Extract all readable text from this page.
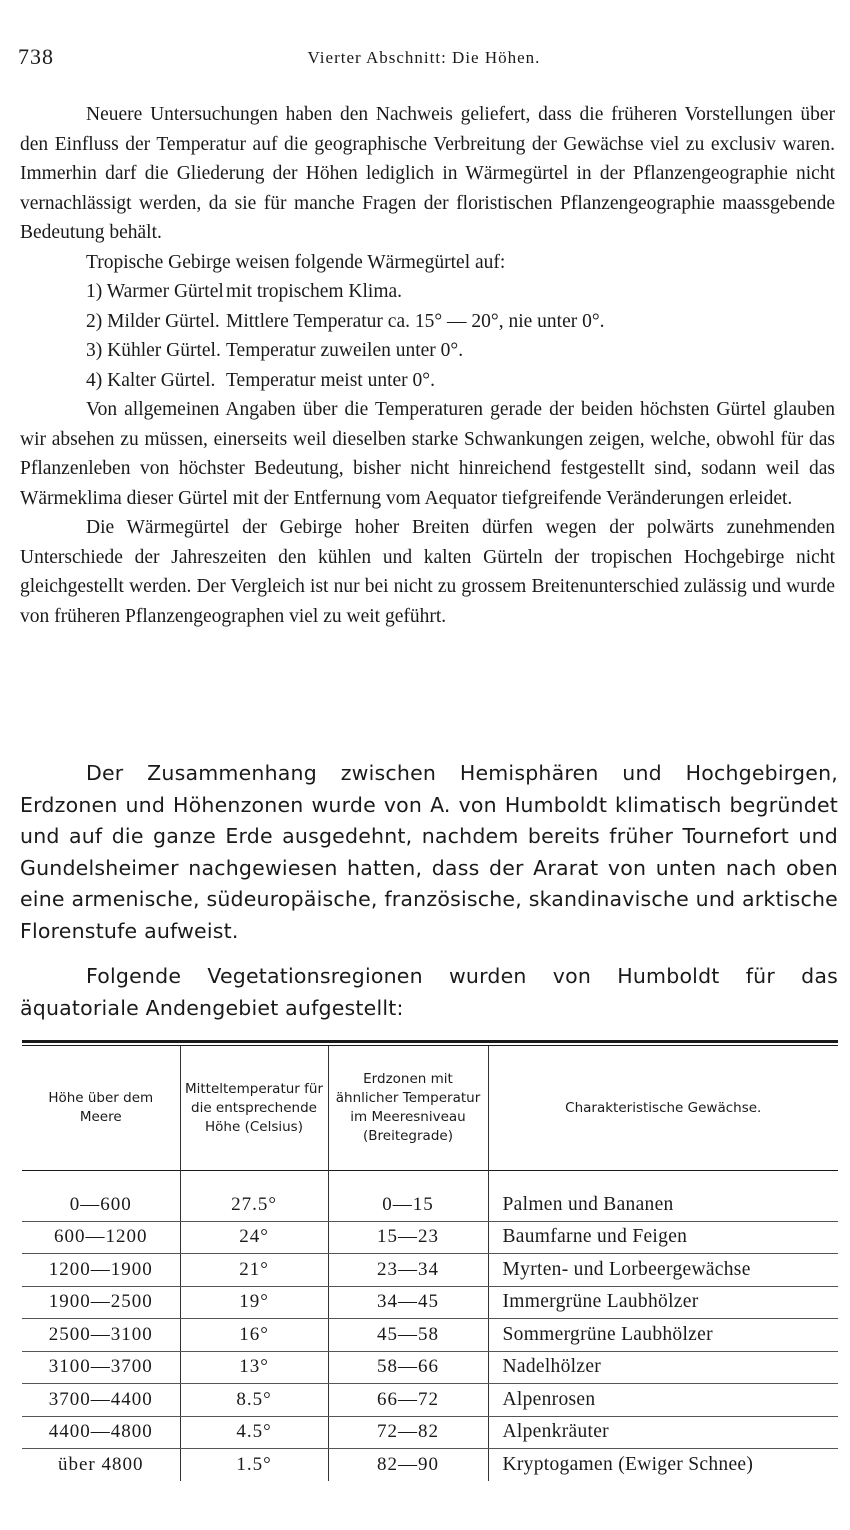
738	Vierter Abschnitt: Die Höhen.

Neuere Untersuchungen haben den Nachweis geliefert, dass die früheren Vorstellungen über den Einfluss der Temperatur auf die geographische Verbreitung der Gewächse viel zu exclusiv waren. Immerhin darf die Gliederung der Höhen lediglich in Wärmegürtel in der Pflanzengeographie nicht vernachlässigt werden, da sie für manche Fragen der floristischen Pflanzengeographie maassgebende Bedeutung behält.

Tropische Gebirge weisen folgende Wärmegürtel auf:

1) Warmer Gürtel mit tropischem Klima.

2) Milder Gürtel. Mittlere Temperatur ca. 15° — 20°, nie unter 0°.

3) Kühler Gürtel. Temperatur zuweilen unter 0°.

4) Kalter Gürtel. Temperatur meist unter 0°.

Von allgemeinen Angaben über die Temperaturen gerade der beiden höchsten Gürtel glauben wir absehen zu müssen, einerseits weil dieselben starke Schwankungen zeigen, welche, obwohl für das Pflanzenleben von höchster Bedeutung, bisher nicht hinreichend festgestellt sind, sodann weil das Wärmeklima dieser Gürtel mit der Entfernung vom Aequator tiefgreifende Veränderungen erleidet.

Die Wärmegürtel der Gebirge hoher Breiten dürfen wegen der polwärts zunehmenden Unterschiede der Jahreszeiten den kühlen und kalten Gürteln der tropischen Hochgebirge nicht gleichgestellt werden. Der Vergleich ist nur bei nicht zu grossem Breitenunterschied zulässig und wurde von früheren Pflanzengeographen viel zu weit geführt.

Der Zusammenhang zwischen Hemisphären und Hochgebirgen, Erdzonen und Höhenzonen wurde von A. von Humboldt klimatisch begründet und auf die ganze Erde ausgedehnt, nachdem bereits früher Tournefort und Gundelsheimer nachgewiesen hatten, dass der Ararat von unten nach oben eine armenische, südeuropäische, französische, skandinavische und arktische Florenstufe aufweist.

Folgende Vegetationsregionen wurden von Humboldt für das äquatoriale Andengebiet aufgestellt:

Höhe über dem Meere	Mitteltemperatur für die entsprechende Höhe (Celsius)	Erdzonen mit ähnlicher Temperatur im Meeresniveau (Breitegrade)	Charakteristische Gewächse.

0—600	27.5°	0—15	Palmen und Bananen
600—1200	24°	15—23	Baumfarne und Feigen
1200—1900	21°	23—34	Myrten- und Lorbeergewächse
1900—2500	19°	34—45	Immergrüne Laubhölzer
2500—3100	16°	45—58	Sommergrüne Laubhölzer
3100—3700	13°	58—66	Nadelhölzer
3700—4400	8.5°	66—72	Alpenrosen
4400—4800	4.5°	72—82	Alpenkräuter
über 4800	1.5°	82—90	Kryptogamen (Ewiger Schnee)
